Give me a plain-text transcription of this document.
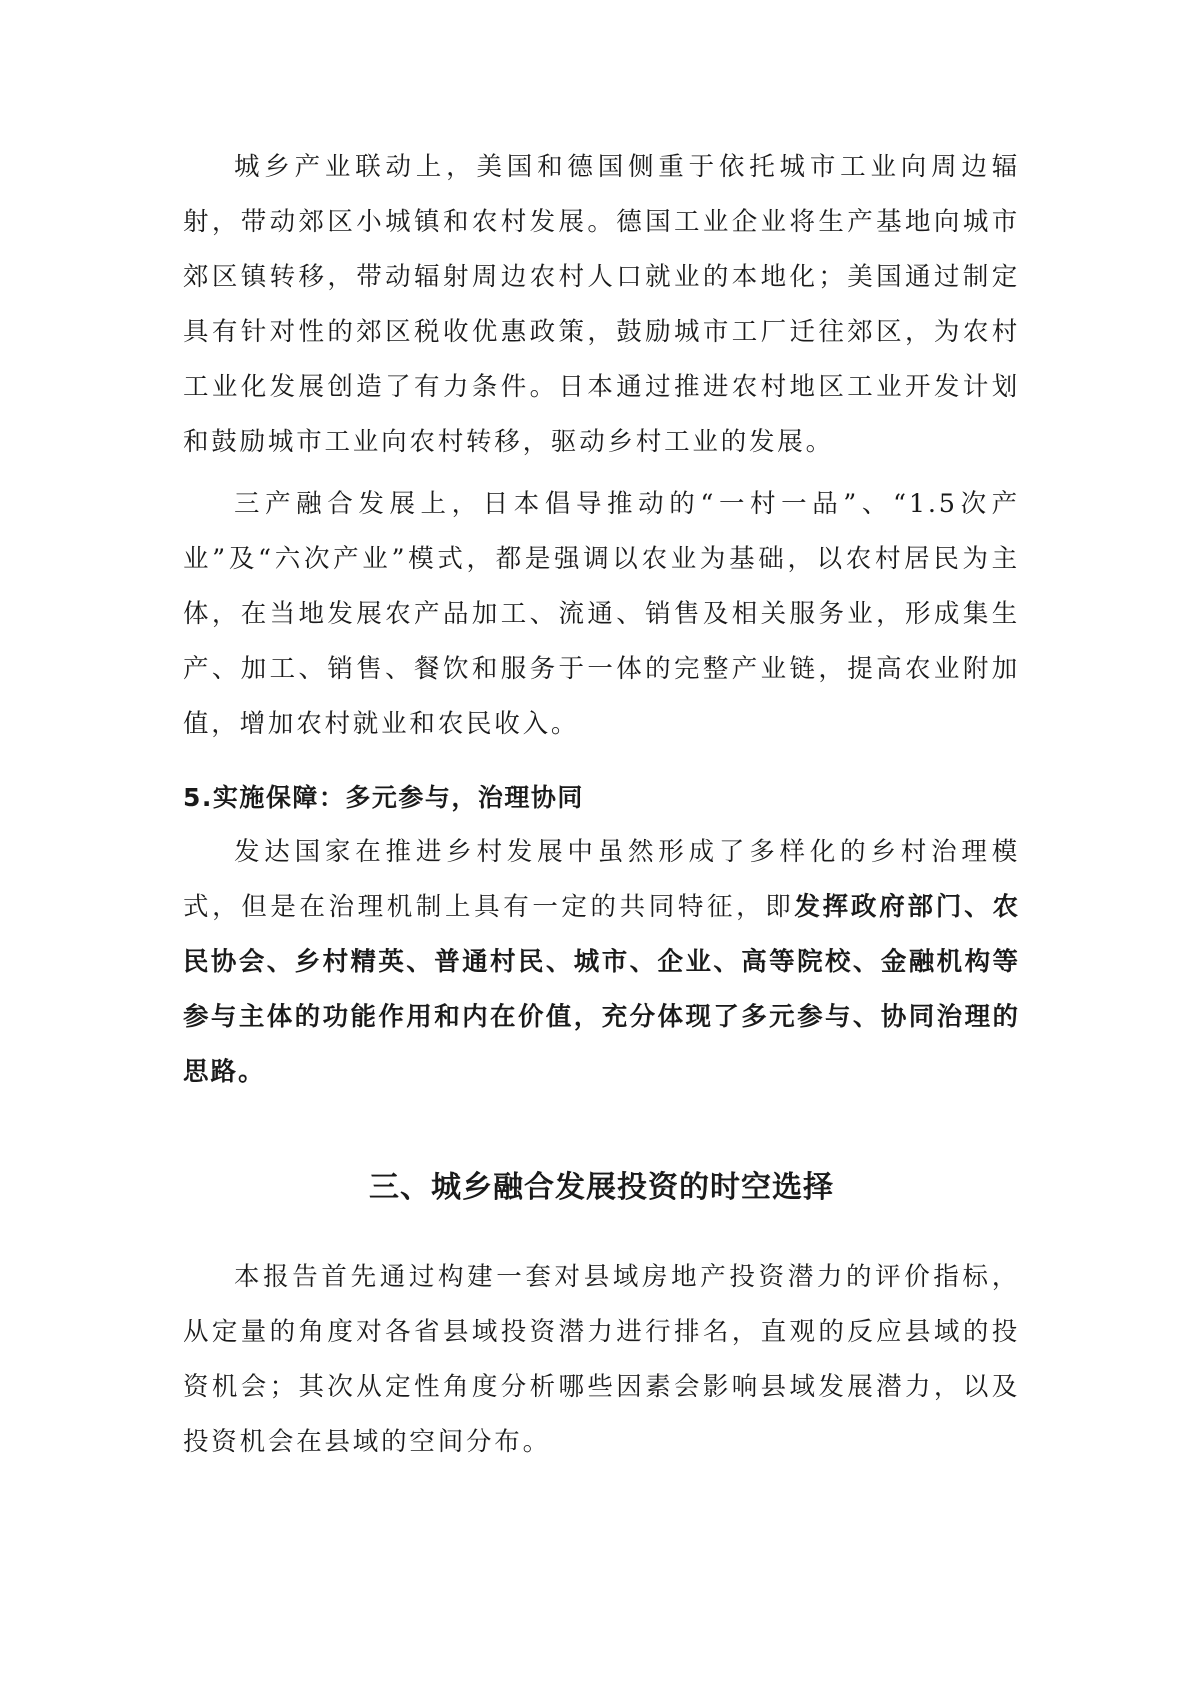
城乡产业联动上，美国和德国侧重于依托城市工业向周边辐射，带动郊区小城镇和农村发展。德国工业企业将生产基地向城市郊区镇转移，带动辐射周边农村人口就业的本地化；美国通过制定具有针对性的郊区税收优惠政策，鼓励城市工厂迁往郊区，为农村工业化发展创造了有力条件。日本通过推进农村地区工业开发计划和鼓励城市工业向农村转移，驱动乡村工业的发展。

三产融合发展上，日本倡导推动的“一村一品”、“1.5次产业”及“六次产业”模式，都是强调以农业为基础，以农村居民为主体，在当地发展农产品加工、流通、销售及相关服务业，形成集生产、加工、销售、餐饮和服务于一体的完整产业链，提高农业附加值，增加农村就业和农民收入。

5.实施保障：多元参与，治理协同

发达国家在推进乡村发展中虽然形成了多样化的乡村治理模式，但是在治理机制上具有一定的共同特征，即发挥政府部门、农民协会、乡村精英、普通村民、城市、企业、高等院校、金融机构等参与主体的功能作用和内在价值，充分体现了多元参与、协同治理的思路。

三、城乡融合发展投资的时空选择

本报告首先通过构建一套对县域房地产投资潜力的评价指标，从定量的角度对各省县域投资潜力进行排名，直观的反应县域的投资机会；其次从定性角度分析哪些因素会影响县域发展潜力，以及投资机会在县域的空间分布。
